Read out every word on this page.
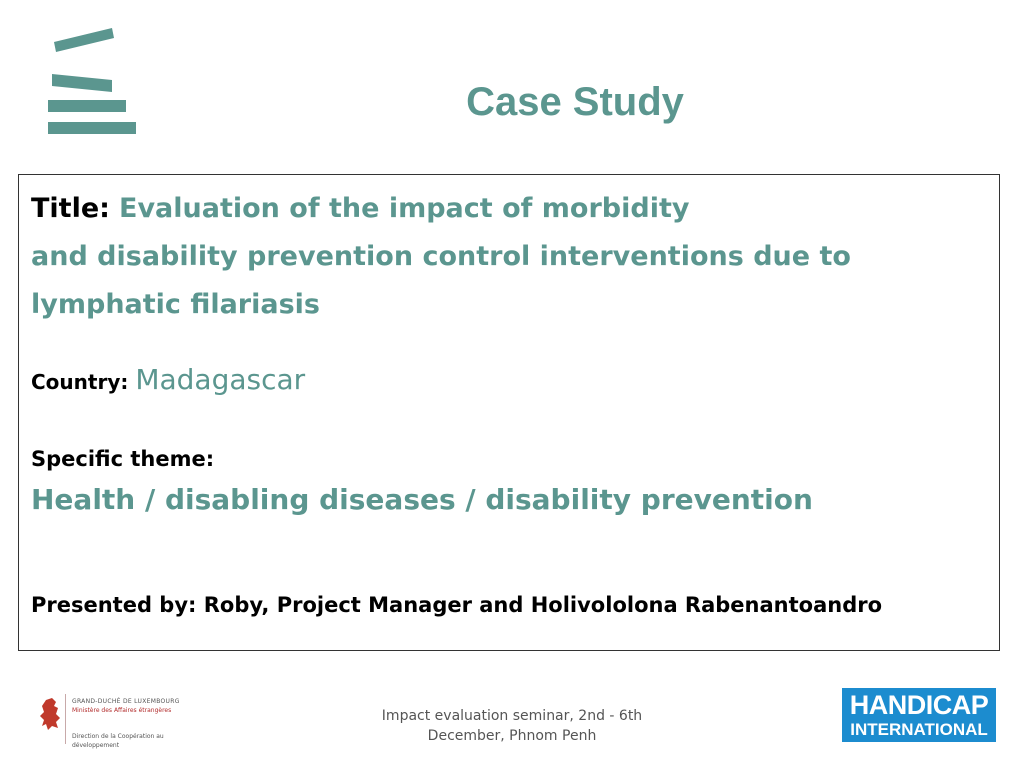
Case Study
Title: Evaluation of the impact of morbidity
and disability prevention control interventions due to lymphatic filariasis
Country: Madagascar
Specific theme:
Health / disabling diseases / disability prevention
Presented by: Roby, Project Manager and Holivololona Rabenantoandro
GRAND-DUCHÉ DE LUXEMBOURG
Ministère des Affaires étrangères
Direction de la Coopération au développement
Impact evaluation seminar, 2nd - 6th
December, Phnom Penh
HANDICAP
INTERNATIONAL
